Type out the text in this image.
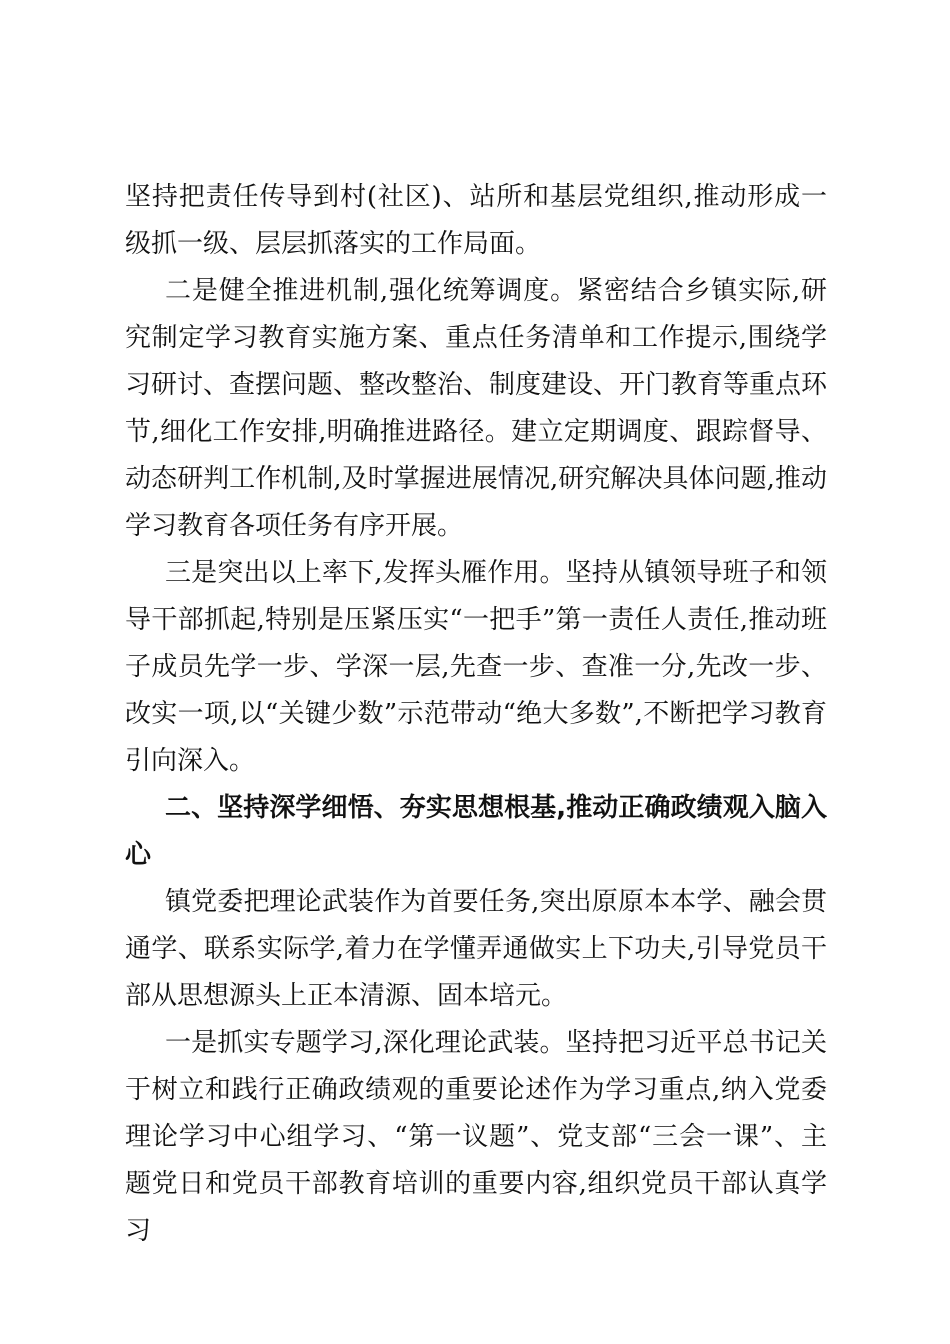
坚持把责任传导到村(社区)、站所和基层党组织,推动形成一级抓一级、层层抓落实的工作局面。

二是健全推进机制,强化统筹调度。紧密结合乡镇实际,研究制定学习教育实施方案、重点任务清单和工作提示,围绕学习研讨、查摆问题、整改整治、制度建设、开门教育等重点环节,细化工作安排,明确推进路径。建立定期调度、跟踪督导、动态研判工作机制,及时掌握进展情况,研究解决具体问题,推动学习教育各项任务有序开展。

三是突出以上率下,发挥头雁作用。坚持从镇领导班子和领导干部抓起,特别是压紧压实“一把手”第一责任人责任,推动班子成员先学一步、学深一层,先查一步、查准一分,先改一步、改实一项,以“关键少数”示范带动“绝大多数”,不断把学习教育引向深入。

二、坚持深学细悟、夯实思想根基,推动正确政绩观入脑入心

镇党委把理论武装作为首要任务,突出原原本本学、融会贯通学、联系实际学,着力在学懂弄通做实上下功夫,引导党员干部从思想源头上正本清源、固本培元。

一是抓实专题学习,深化理论武装。坚持把习近平总书记关于树立和践行正确政绩观的重要论述作为学习重点,纳入党委理论学习中心组学习、“第一议题”、党支部“三会一课”、主题党日和党员干部教育培训的重要内容,组织党员干部认真学习
